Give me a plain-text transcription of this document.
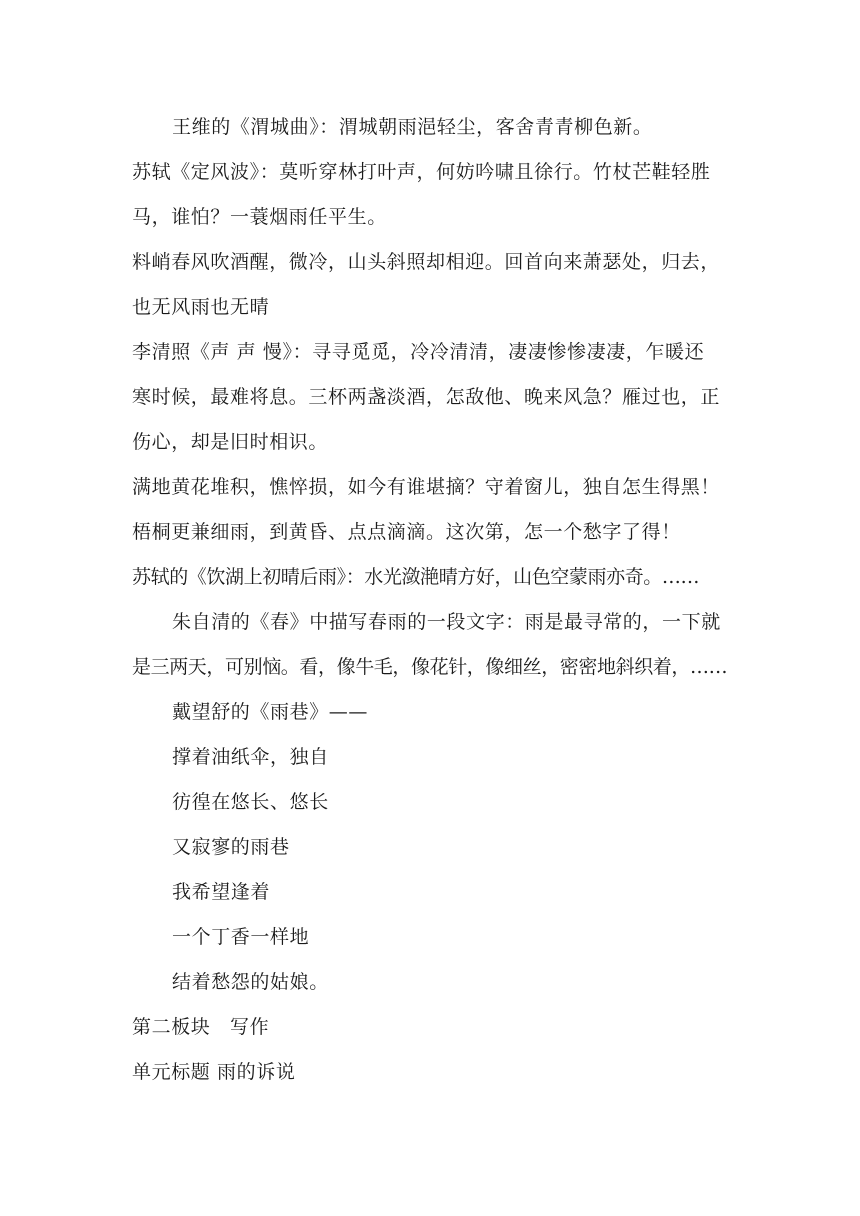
王维的《渭城曲》：渭城朝雨浥轻尘，客舍青青柳色新。

苏轼《定风波》：莫听穿林打叶声，何妨吟啸且徐行。竹杖芒鞋轻胜

马，谁怕？一蓑烟雨任平生。

料峭春风吹酒醒，微冷，山头斜照却相迎。回首向来萧瑟处，归去，

也无风雨也无晴

李清照《声 声 慢》：寻寻觅觅，冷冷清清，凄凄惨惨凄凄，乍暖还

寒时候，最难将息。三杯两盏淡酒，怎敌他、晚来风急？雁过也，正

伤心，却是旧时相识。

满地黄花堆积，憔悴损，如今有谁堪摘？守着窗儿，独自怎生得黑！

梧桐更兼细雨，到黄昏、点点滴滴。这次第，怎一个愁字了得！

苏轼的《饮湖上初晴后雨》：水光潋滟晴方好，山色空蒙雨亦奇。……

朱自清的《春》中描写春雨的一段文字：雨是最寻常的，一下就

是三两天，可别恼。看，像牛毛，像花针，像细丝，密密地斜织着，……

戴望舒的《雨巷》——

撑着油纸伞，独自

彷徨在悠长、悠长

又寂寥的雨巷

我希望逢着

一个丁香一样地

结着愁怨的姑娘。

第二板块　写作

单元标题 雨的诉说
